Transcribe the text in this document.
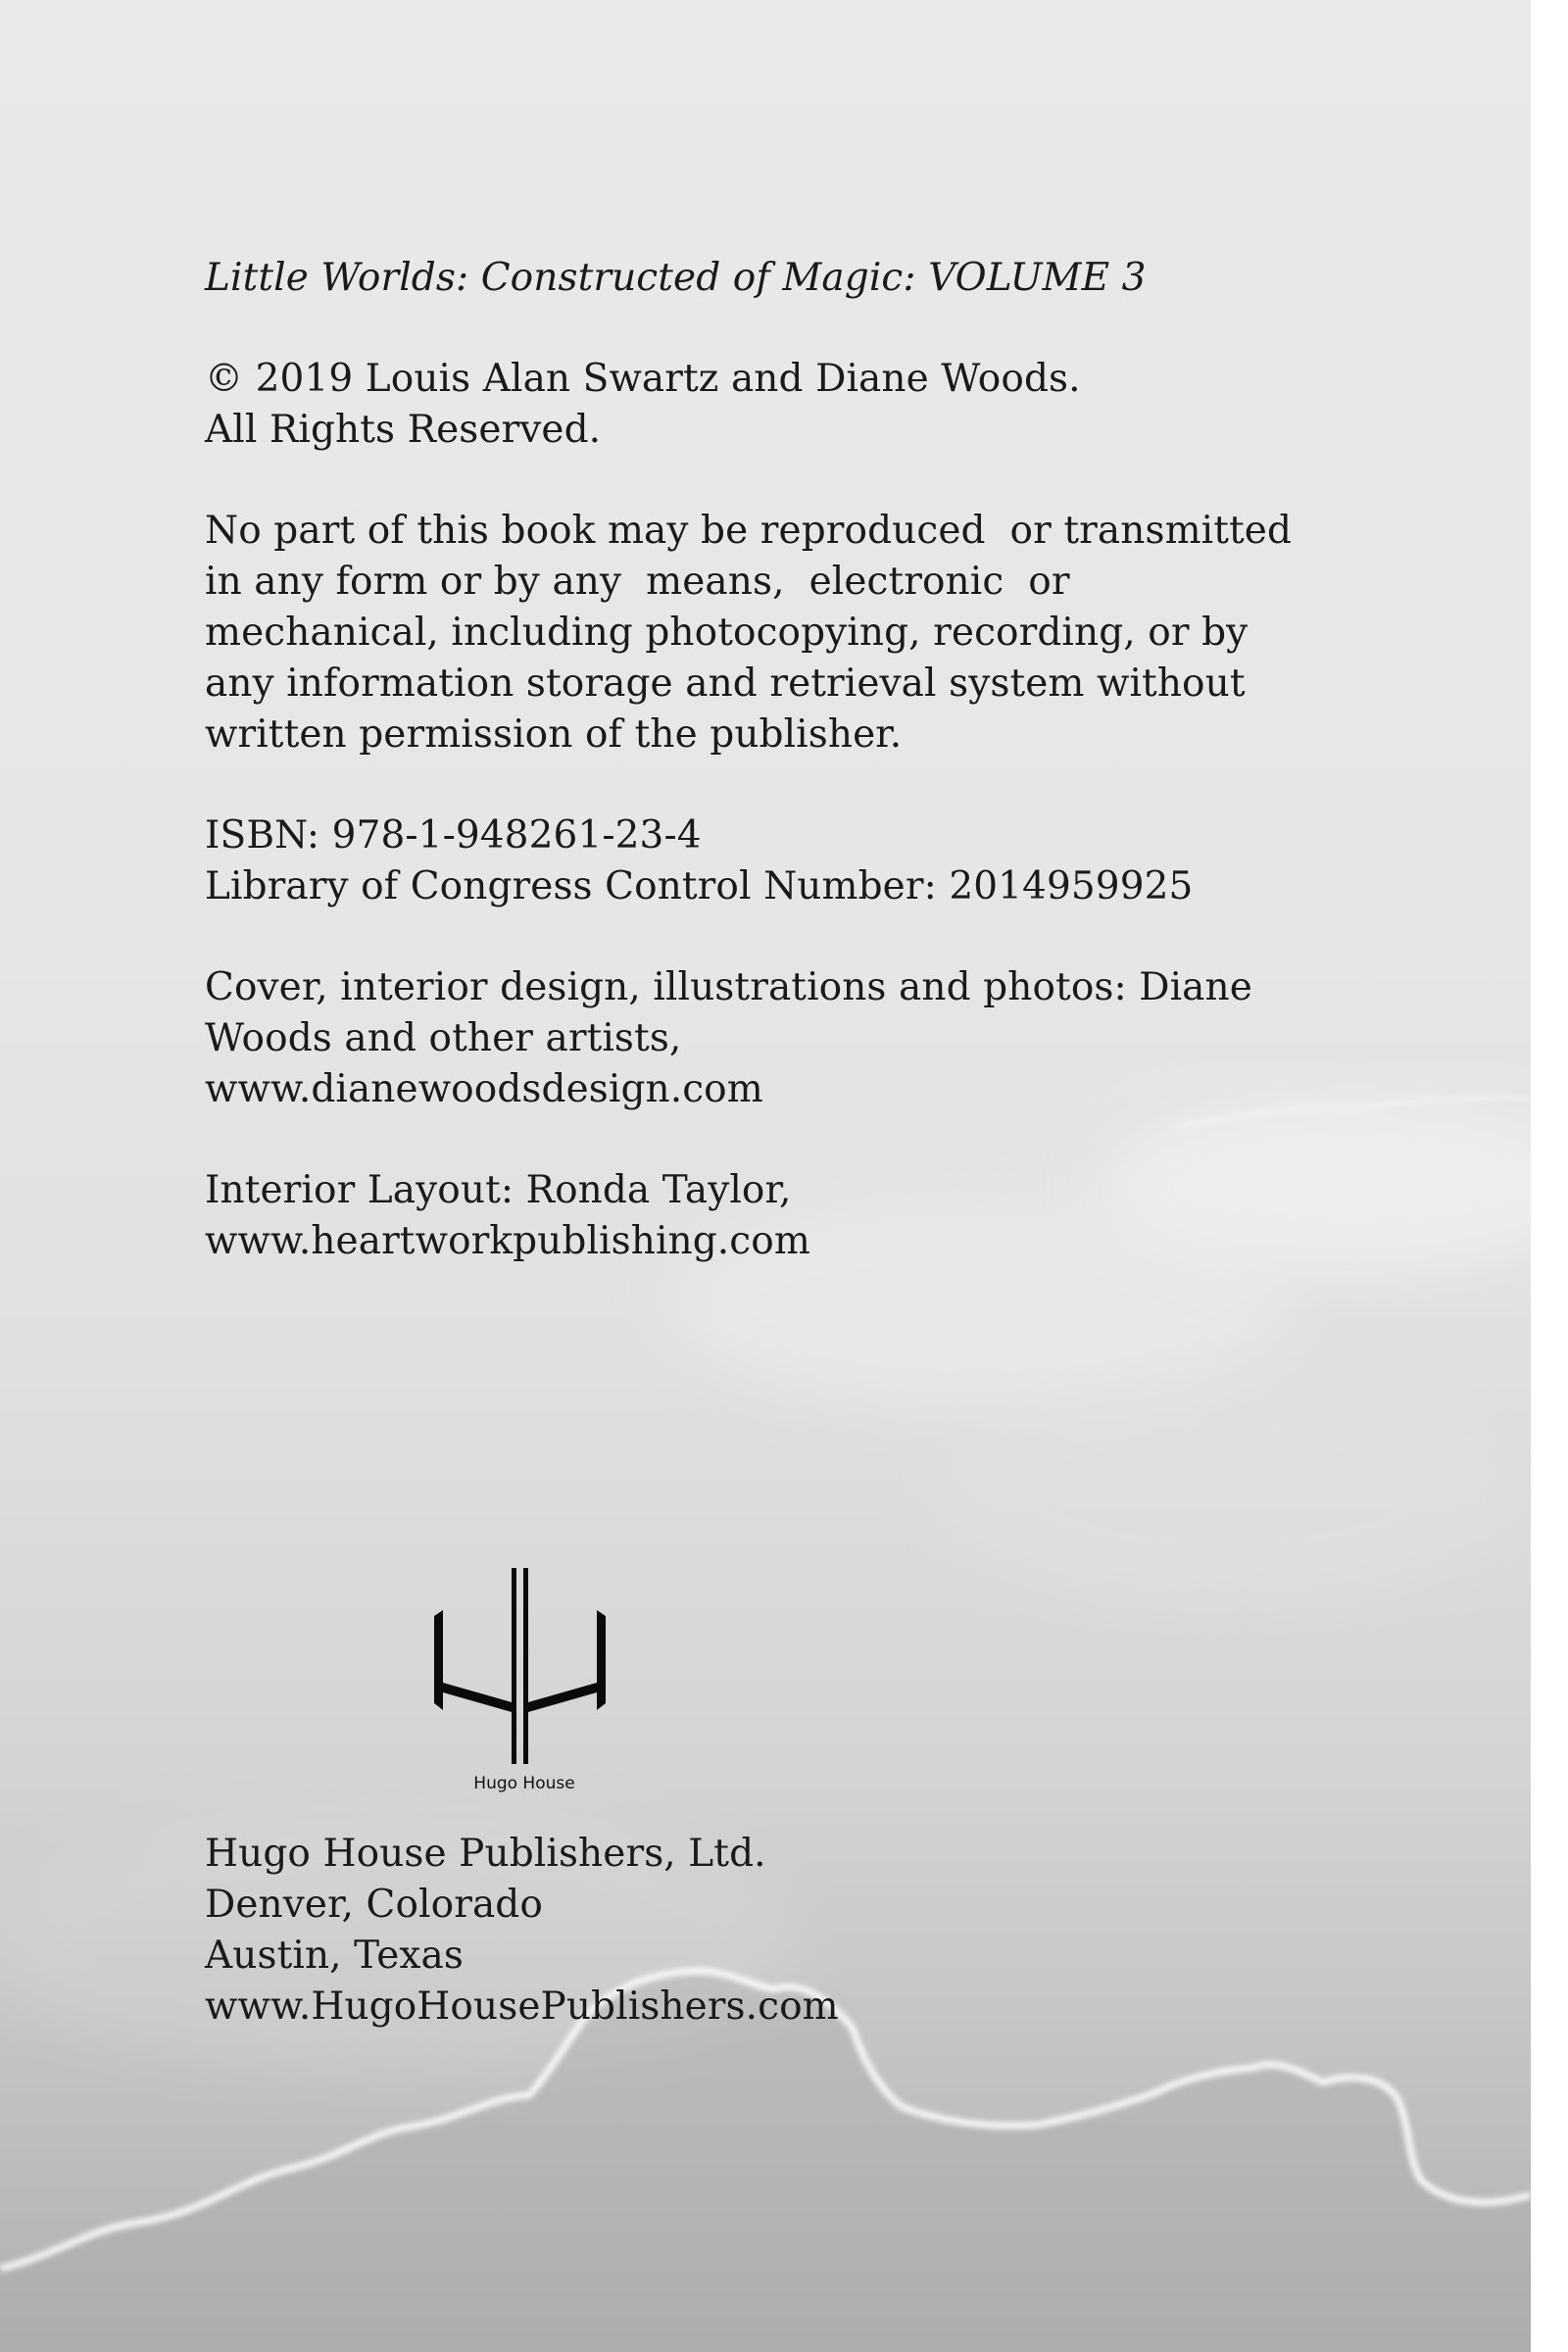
Little Worlds: Constructed of Magic: VOLUME 3

© 2019 Louis Alan Swartz and Diane Woods.

All Rights Reserved.

No part of this book may be reproduced  or transmitted

in any form or by any  means,  electronic  or

mechanical, including photocopying, recording, or by

any information storage and retrieval system without

written permission of the publisher.

ISBN: 978-1-948261-23-4

Library of Congress Control Number: 2014959925

Cover, interior design, illustrations and photos: Diane

Woods and other artists,

www.dianewoodsdesign.com

Interior Layout: Ronda Taylor,

www.heartworkpublishing.com

Hugo House

Hugo House Publishers, Ltd.

Denver, Colorado

Austin, Texas

www.HugoHousePublishers.com
